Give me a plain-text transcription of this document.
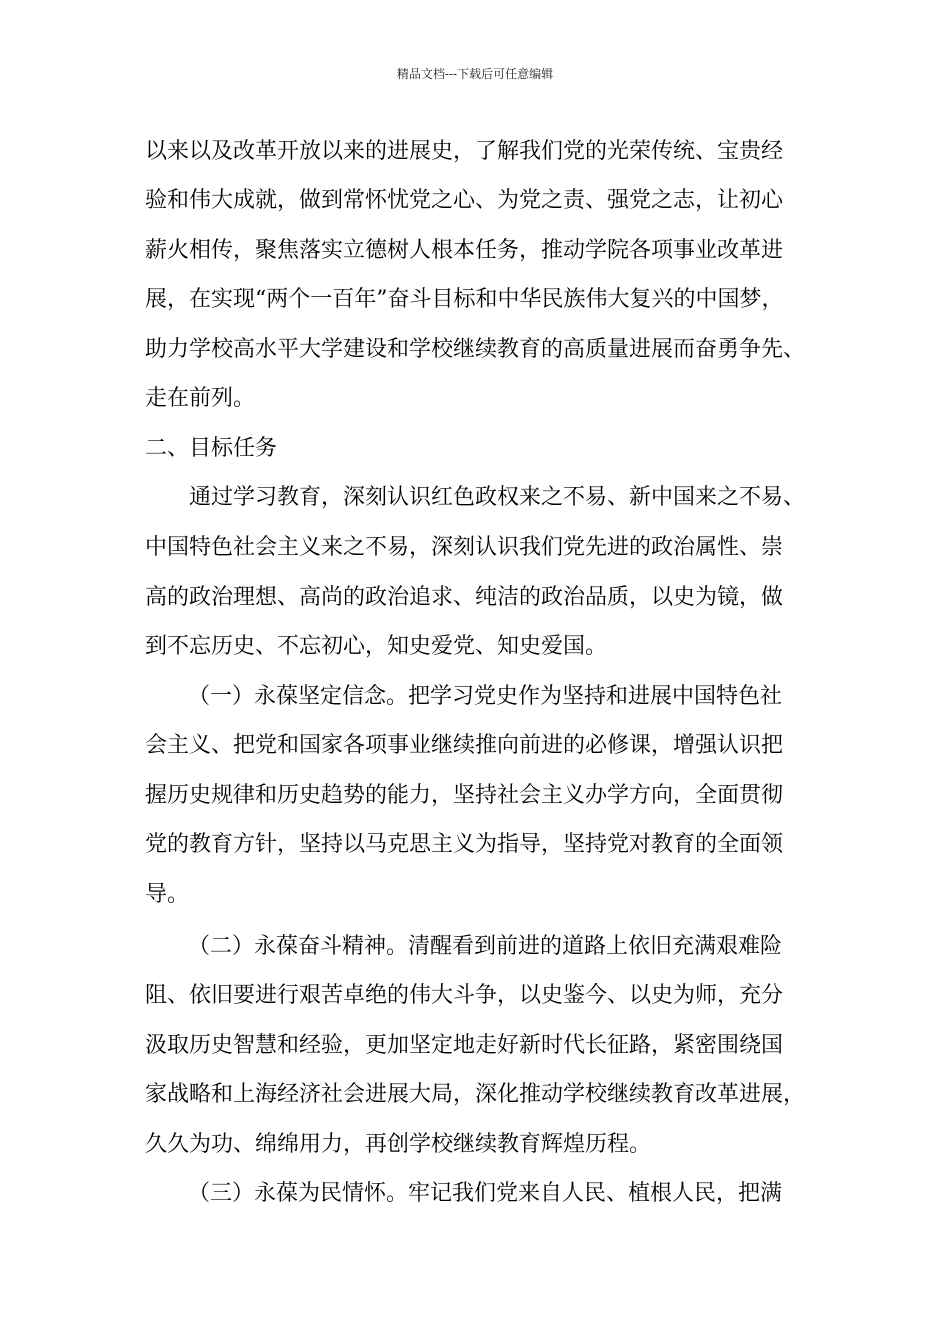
精品文档---下载后可任意编辑
以来以及改革开放以来的进展史，了解我们党的光荣传统、宝贵经
验和伟大成就，做到常怀忧党之心、为党之责、强党之志，让初心
薪火相传，聚焦落实立德树人根本任务，推动学院各项事业改革进
展，在实现“两个一百年”奋斗目标和中华民族伟大复兴的中国梦，
助力学校高水平大学建设和学校继续教育的高质量进展而奋勇争先、
走在前列。
二、目标任务
通过学习教育，深刻认识红色政权来之不易、新中国来之不易、
中国特色社会主义来之不易，深刻认识我们党先进的政治属性、崇
高的政治理想、高尚的政治追求、纯洁的政治品质，以史为镜，做
到不忘历史、不忘初心，知史爱党、知史爱国。
（一）永葆坚定信念。把学习党史作为坚持和进展中国特色社
会主义、把党和国家各项事业继续推向前进的必修课，增强认识把
握历史规律和历史趋势的能力，坚持社会主义办学方向，全面贯彻
党的教育方针，坚持以马克思主义为指导，坚持党对教育的全面领
导。
（二）永葆奋斗精神。清醒看到前进的道路上依旧充满艰难险
阻、依旧要进行艰苦卓绝的伟大斗争，以史鉴今、以史为师，充分
汲取历史智慧和经验，更加坚定地走好新时代长征路，紧密围绕国
家战略和上海经济社会进展大局，深化推动学校继续教育改革进展，
久久为功、绵绵用力，再创学校继续教育辉煌历程。
（三）永葆为民情怀。牢记我们党来自人民、植根人民，把满
